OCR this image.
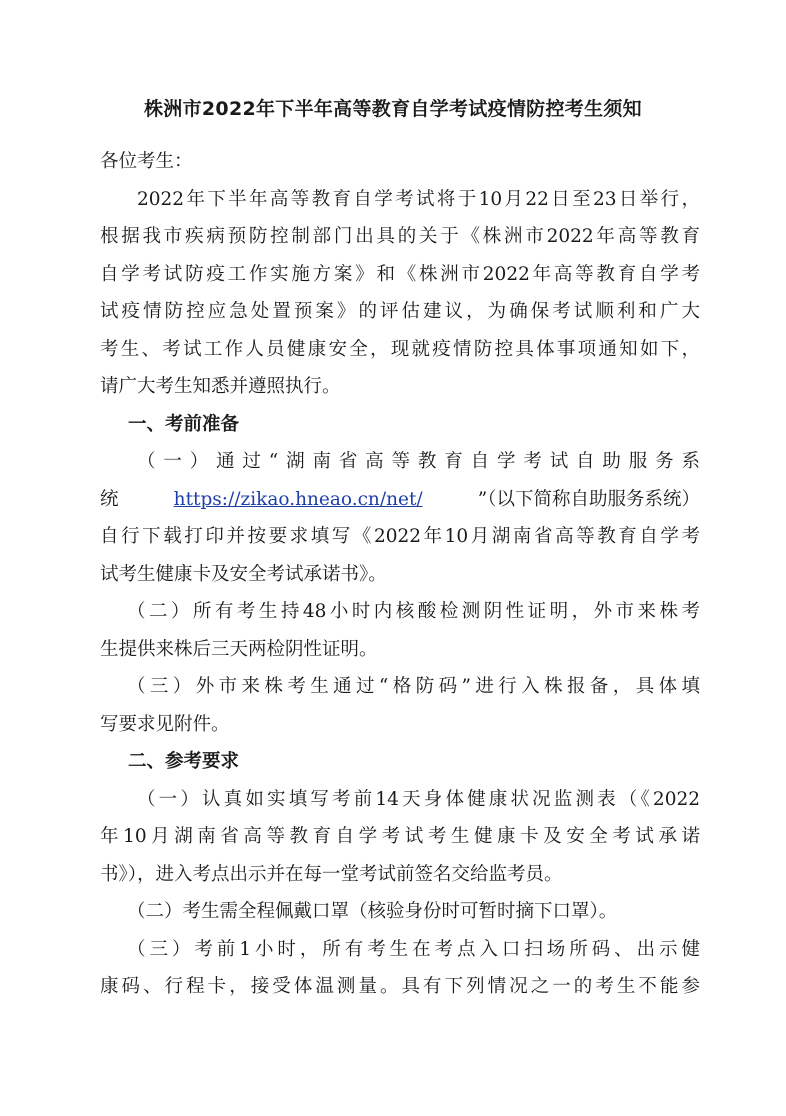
株洲市2022年下半年高等教育自学考试疫情防控考生须知
各位考生：
2022年下半年高等教育自学考试将于10月22日至23日举行，
根据我市疾病预防控制部门出具的关于《株洲市2022年高等教育
自学考试防疫工作实施方案》和《株洲市2022年高等教育自学考
试疫情防控应急处置预案》的评估建议，为确保考试顺利和广大
考生、考试工作人员健康安全，现就疫情防控具体事项通知如下，
请广大考生知悉并遵照执行。
一、考前准备
（一）通过“湖南省高等教育自学考试自助服务系
统	https://zikao.hneao.cn/net/	”（以下简称自助服务系统）
自行下载打印并按要求填写《2022年10月湖南省高等教育自学考
试考生健康卡及安全考试承诺书》。
（二）所有考生持48小时内核酸检测阴性证明，外市来株考
生提供来株后三天两检阴性证明。
（三）外市来株考生通过“格防码”进行入株报备，具体填
写要求见附件。
二、参考要求
（一）认真如实填写考前14天身体健康状况监测表（《2022
年10月湖南省高等教育自学考试考生健康卡及安全考试承诺
书》），进入考点出示并在每一堂考试前签名交给监考员。
（二）考生需全程佩戴口罩（核验身份时可暂时摘下口罩）。
（三）考前1小时，所有考生在考点入口扫场所码、出示健
康码、行程卡，接受体温测量。具有下列情况之一的考生不能参
